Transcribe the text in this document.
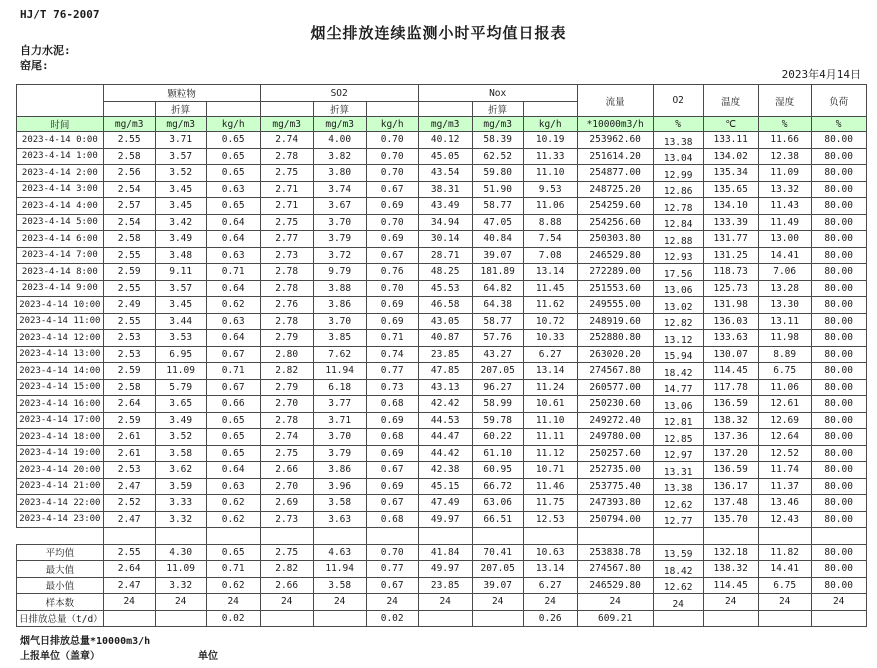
HJ/T 76-2007
烟尘排放连续监测小时平均值日报表
自力水泥:
窑尾:
2023年4月14日
	颗粒物			SO2			Nox			流量	O2	温度	湿度	负荷
		折算			折算			折算						
时间	mg/m3	mg/m3	kg/h	mg/m3	mg/m3	kg/h	mg/m3	mg/m3	kg/h	*10000m3/h	%	℃	%	%
2023-4-14 0:00	2.55	3.71	0.65	2.74	4.00	0.70	40.12	58.39	10.19	253962.60	13.38	133.11	11.66	80.00
2023-4-14 1:00	2.58	3.57	0.65	2.78	3.82	0.70	45.05	62.52	11.33	251614.20	13.04	134.02	12.38	80.00
2023-4-14 2:00	2.56	3.52	0.65	2.75	3.80	0.70	43.54	59.80	11.10	254877.00	12.99	135.34	11.09	80.00
2023-4-14 3:00	2.54	3.45	0.63	2.71	3.74	0.67	38.31	51.90	9.53	248725.20	12.86	135.65	13.32	80.00
2023-4-14 4:00	2.57	3.45	0.65	2.71	3.67	0.69	43.49	58.77	11.06	254259.60	12.78	134.10	11.43	80.00
2023-4-14 5:00	2.54	3.42	0.64	2.75	3.70	0.70	34.94	47.05	8.88	254256.60	12.84	133.39	11.49	80.00
2023-4-14 6:00	2.58	3.49	0.64	2.77	3.79	0.69	30.14	40.84	7.54	250303.80	12.88	131.77	13.00	80.00
2023-4-14 7:00	2.55	3.48	0.63	2.73	3.72	0.67	28.71	39.07	7.08	246529.80	12.93	131.25	14.41	80.00
2023-4-14 8:00	2.59	9.11	0.71	2.78	9.79	0.76	48.25	181.89	13.14	272289.00	17.56	118.73	7.06	80.00
2023-4-14 9:00	2.55	3.57	0.64	2.78	3.88	0.70	45.53	64.82	11.45	251553.60	13.06	125.73	13.28	80.00
2023-4-14 10:00	2.49	3.45	0.62	2.76	3.86	0.69	46.58	64.38	11.62	249555.00	13.02	131.98	13.30	80.00
2023-4-14 11:00	2.55	3.44	0.63	2.78	3.70	0.69	43.05	58.77	10.72	248919.60	12.82	136.03	13.11	80.00
2023-4-14 12:00	2.53	3.53	0.64	2.79	3.85	0.71	40.87	57.76	10.33	252880.80	13.12	133.63	11.98	80.00
2023-4-14 13:00	2.53	6.95	0.67	2.80	7.62	0.74	23.85	43.27	6.27	263020.20	15.94	130.07	8.89	80.00
2023-4-14 14:00	2.59	11.09	0.71	2.82	11.94	0.77	47.85	207.05	13.14	274567.80	18.42	114.45	6.75	80.00
2023-4-14 15:00	2.58	5.79	0.67	2.79	6.18	0.73	43.13	96.27	11.24	260577.00	14.77	117.78	11.06	80.00
2023-4-14 16:00	2.64	3.65	0.66	2.70	3.77	0.68	42.42	58.99	10.61	250230.60	13.06	136.59	12.61	80.00
2023-4-14 17:00	2.59	3.49	0.65	2.78	3.71	0.69	44.53	59.78	11.10	249272.40	12.81	138.32	12.69	80.00
2023-4-14 18:00	2.61	3.52	0.65	2.74	3.70	0.68	44.47	60.22	11.11	249780.00	12.85	137.36	12.64	80.00
2023-4-14 19:00	2.61	3.58	0.65	2.75	3.79	0.69	44.42	61.10	11.12	250257.60	12.97	137.20	12.52	80.00
2023-4-14 20:00	2.53	3.62	0.64	2.66	3.86	0.67	42.38	60.95	10.71	252735.00	13.31	136.59	11.74	80.00
2023-4-14 21:00	2.47	3.59	0.63	2.70	3.96	0.69	45.15	66.72	11.46	253775.40	13.38	136.17	11.37	80.00
2023-4-14 22:00	2.52	3.33	0.62	2.69	3.58	0.67	47.49	63.06	11.75	247393.80	12.62	137.48	13.46	80.00
2023-4-14 23:00	2.47	3.32	0.62	2.73	3.63	0.68	49.97	66.51	12.53	250794.00	12.77	135.70	12.43	80.00

平均值	2.55	4.30	0.65	2.75	4.63	0.70	41.84	70.41	10.63	253838.78	13.59	132.18	11.82	80.00
最大值	2.64	11.09	0.71	2.82	11.94	0.77	49.97	207.05	13.14	274567.80	18.42	138.32	14.41	80.00
最小值	2.47	3.32	0.62	2.66	3.58	0.67	23.85	39.07	6.27	246529.80	12.62	114.45	6.75	80.00
样本数	24	24	24	24	24	24	24	24	24	24	24	24	24	24
日排放总量（t/d）			0.02			0.02			0.26	609.21				
烟气日排放总量*10000m3/h
上报单位（盖章）	单位
